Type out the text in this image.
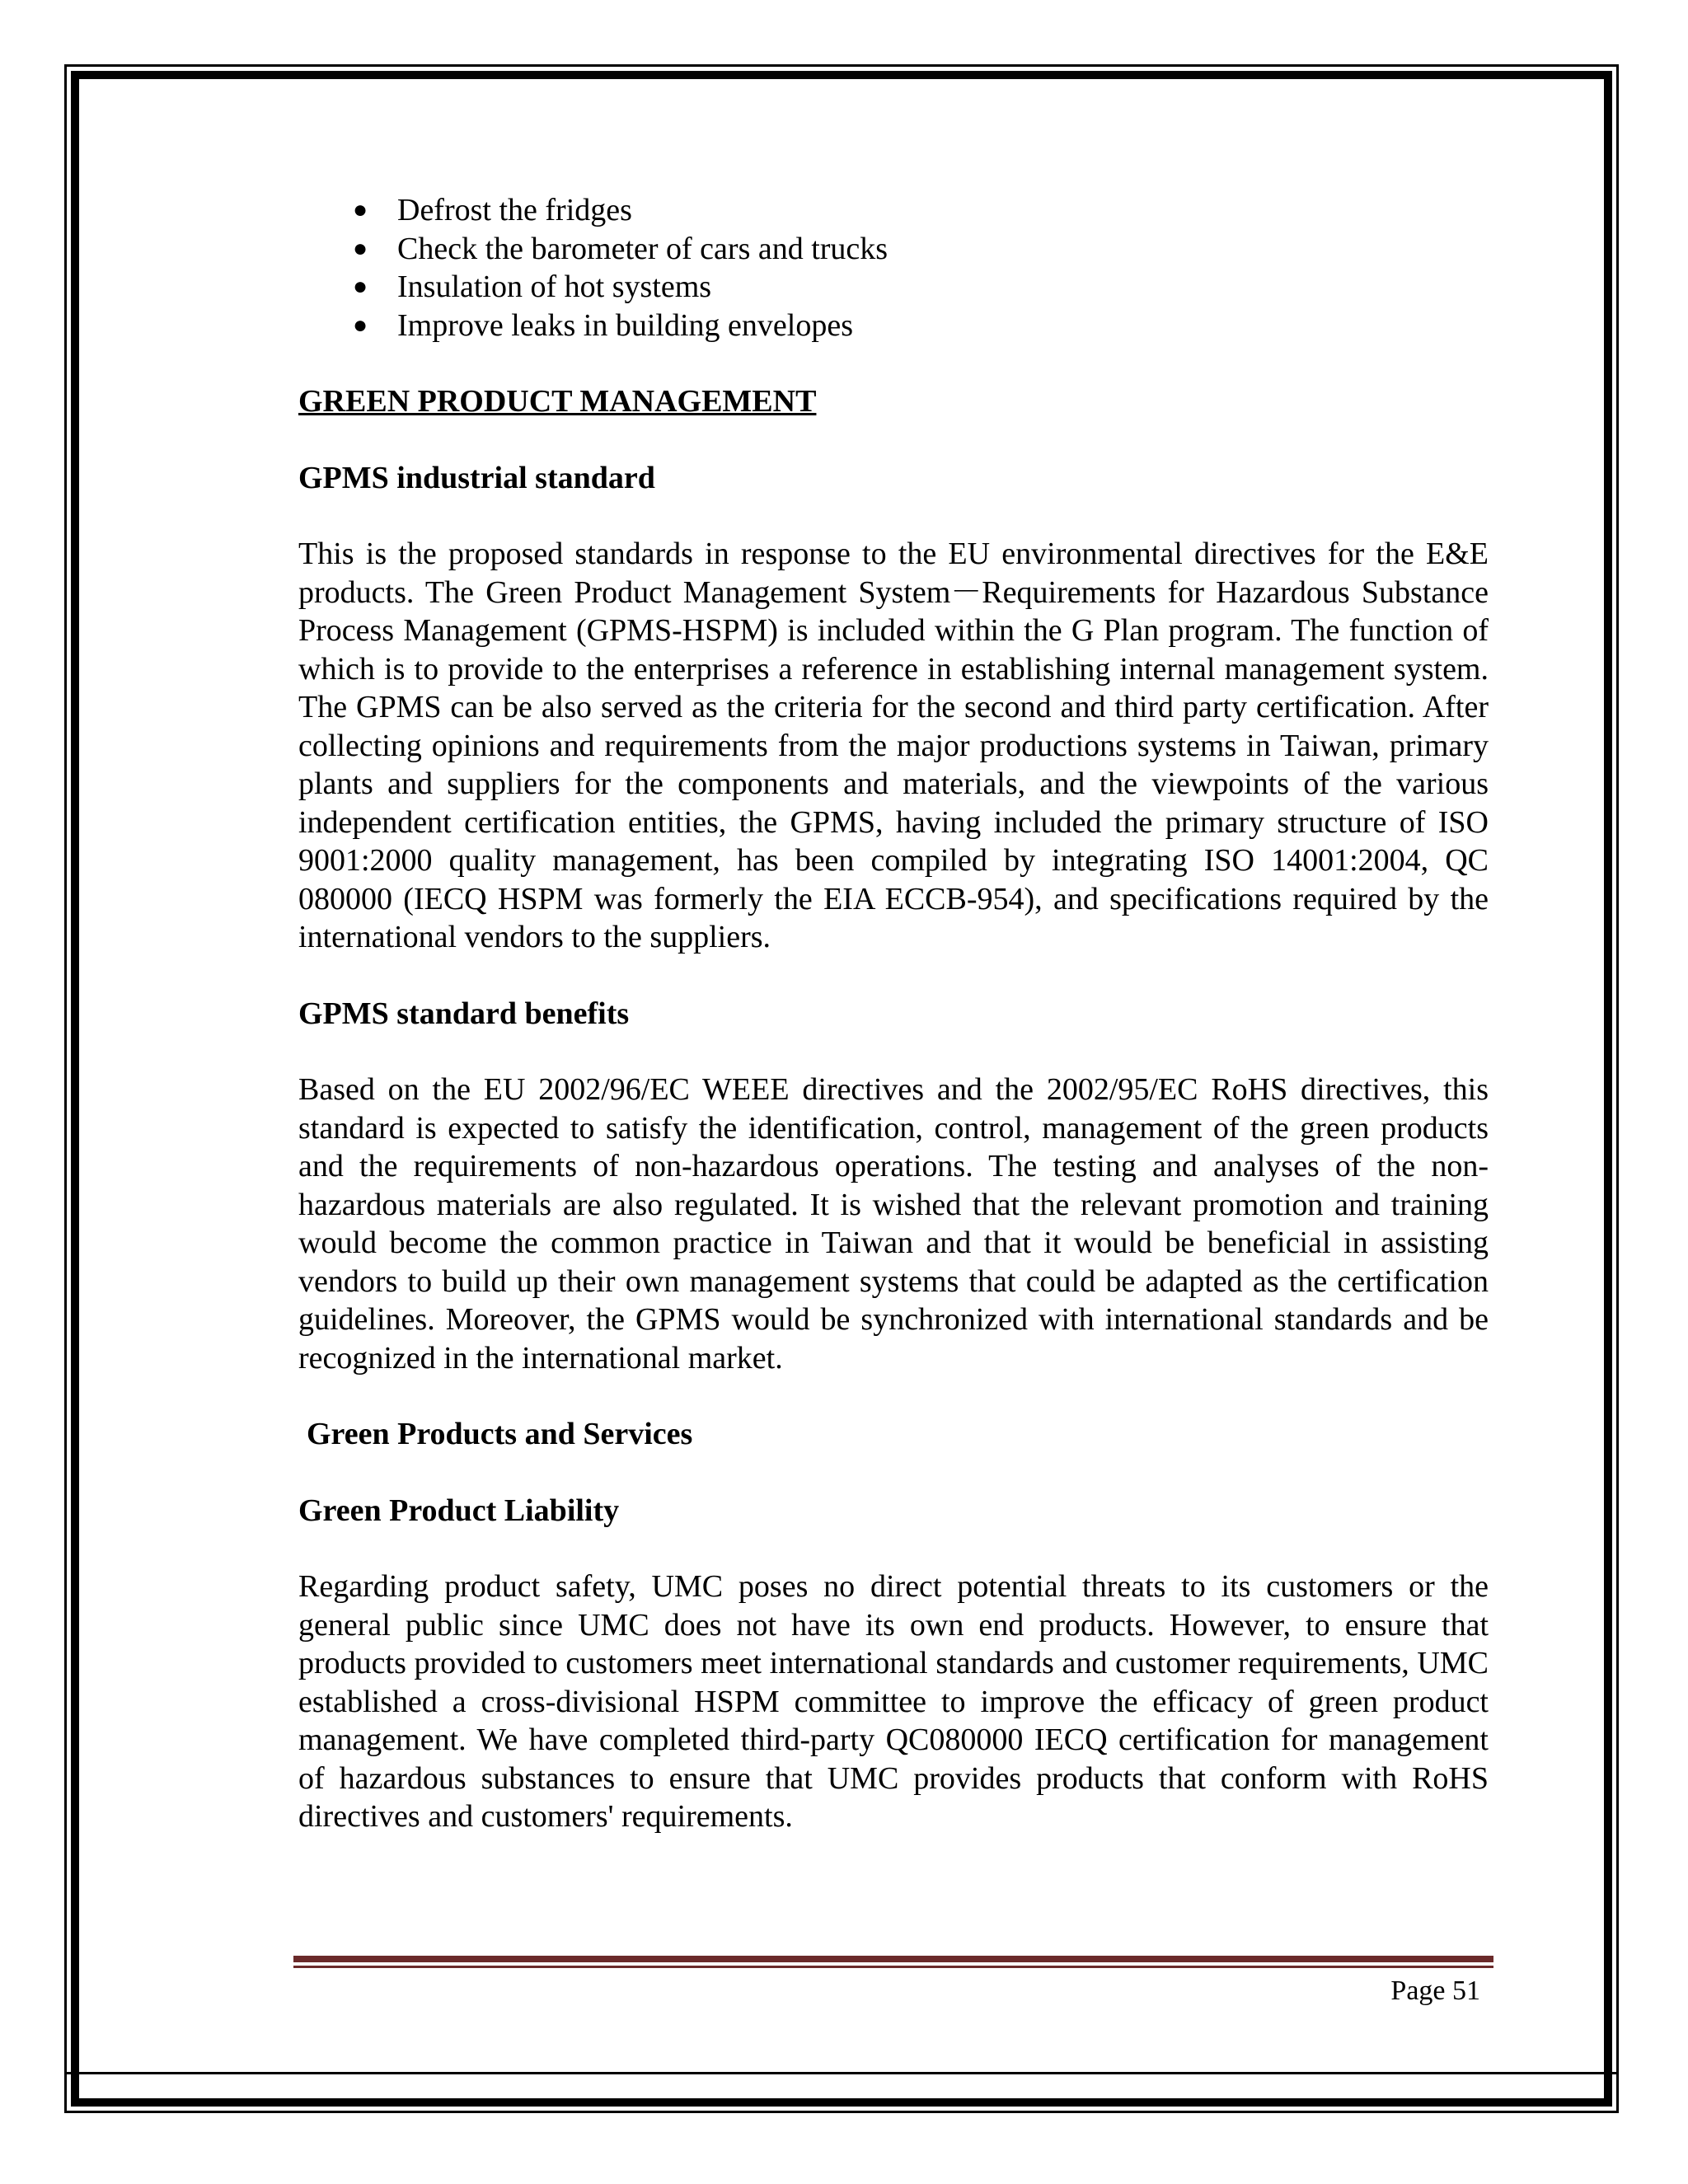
● Defrost the fridges
● Check the barometer of cars and trucks
● Insulation of hot systems
● Improve leaks in building envelopes
GREEN PRODUCT MANAGEMENT
GPMS industrial standard

This is the proposed standards in response to the EU environmental directives for the E&E products. The Green Product Management System－Requirements for Hazardous Substance Process Management (GPMS-HSPM) is included within the G Plan program. The function of which is to provide to the enterprises a reference in establishing internal management system. The GPMS can be also served as the criteria for the second and third party certification. After collecting opinions and requirements from the major productions systems in Taiwan, primary plants and suppliers for the components and materials, and the viewpoints of the various independent certification entities, the GPMS, having included the primary structure of ISO 9001:2000 quality management, has been compiled by integrating ISO 14001:2004, QC 080000 (IECQ HSPM was formerly the EIA ECCB-954), and specifications required by the international vendors to the suppliers.

GPMS standard benefits

Based on the EU 2002/96/EC WEEE directives and the 2002/95/EC RoHS directives, this standard is expected to satisfy the identification, control, management of the green products and the requirements of non-hazardous operations. The testing and analyses of the non-hazardous materials are also regulated. It is wished that the relevant promotion and training would become the common practice in Taiwan and that it would be beneficial in assisting vendors to build up their own management systems that could be adapted as the certification guidelines. Moreover, the GPMS would be synchronized with international standards and be recognized in the international market.

Green Products and Services
Green Product Liability

Regarding product safety, UMC poses no direct potential threats to its customers or the general public since UMC does not have its own end products. However, to ensure that products provided to customers meet international standards and customer requirements, UMC established a cross-divisional HSPM committee to improve the efficacy of green product management. We have completed third-party QC080000 IECQ certification for management of hazardous substances to ensure that UMC provides products that conform with RoHS directives and customers' requirements.

Page 51
